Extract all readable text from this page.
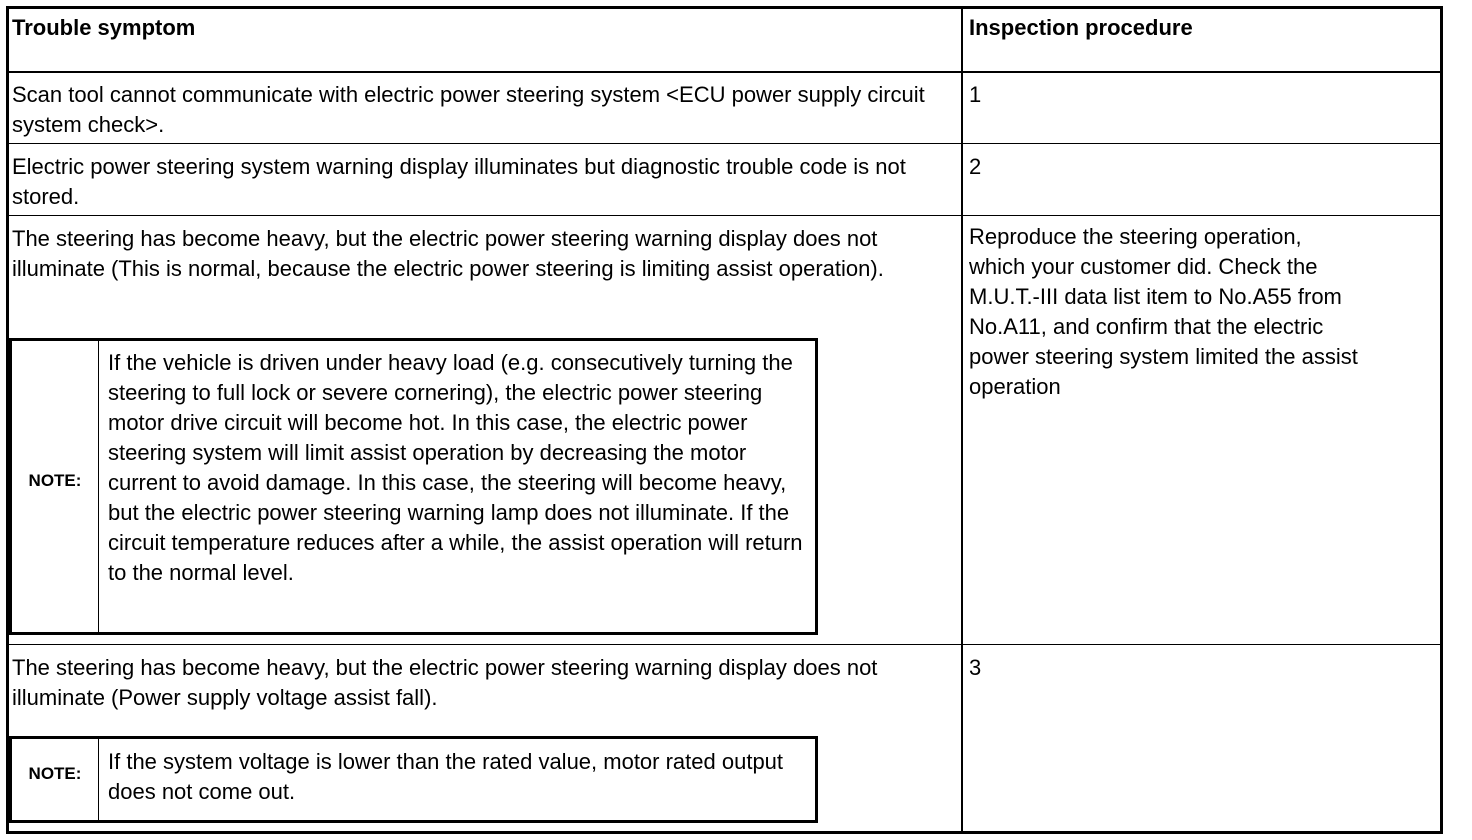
Trouble symptom	Inspection procedure
Scan tool cannot communicate with electric power steering system <ECU power supply circuit system check>.
1
Electric power steering system warning display illuminates but diagnostic trouble code is not stored.
2
The steering has become heavy, but the electric power steering warning display does not illuminate (This is normal, because the electric power steering is limiting assist operation).
NOTE:
If the vehicle is driven under heavy load (e.g. consecutively turning the steering to full lock or severe cornering), the electric power steering motor drive circuit will become hot. In this case, the electric power steering system will limit assist operation by decreasing the motor current to avoid damage. In this case, the steering will become heavy, but the electric power steering warning lamp does not illuminate. If the circuit temperature reduces after a while, the assist operation will return to the normal level.
Reproduce the steering operation, which your customer did. Check the M.U.T.-III data list item to No.A55 from No.A11, and confirm that the electric power steering system limited the assist operation
The steering has become heavy, but the electric power steering warning display does not illuminate (Power supply voltage assist fall).
NOTE:	If the system voltage is lower than the rated value, motor rated output does not come out.
3
